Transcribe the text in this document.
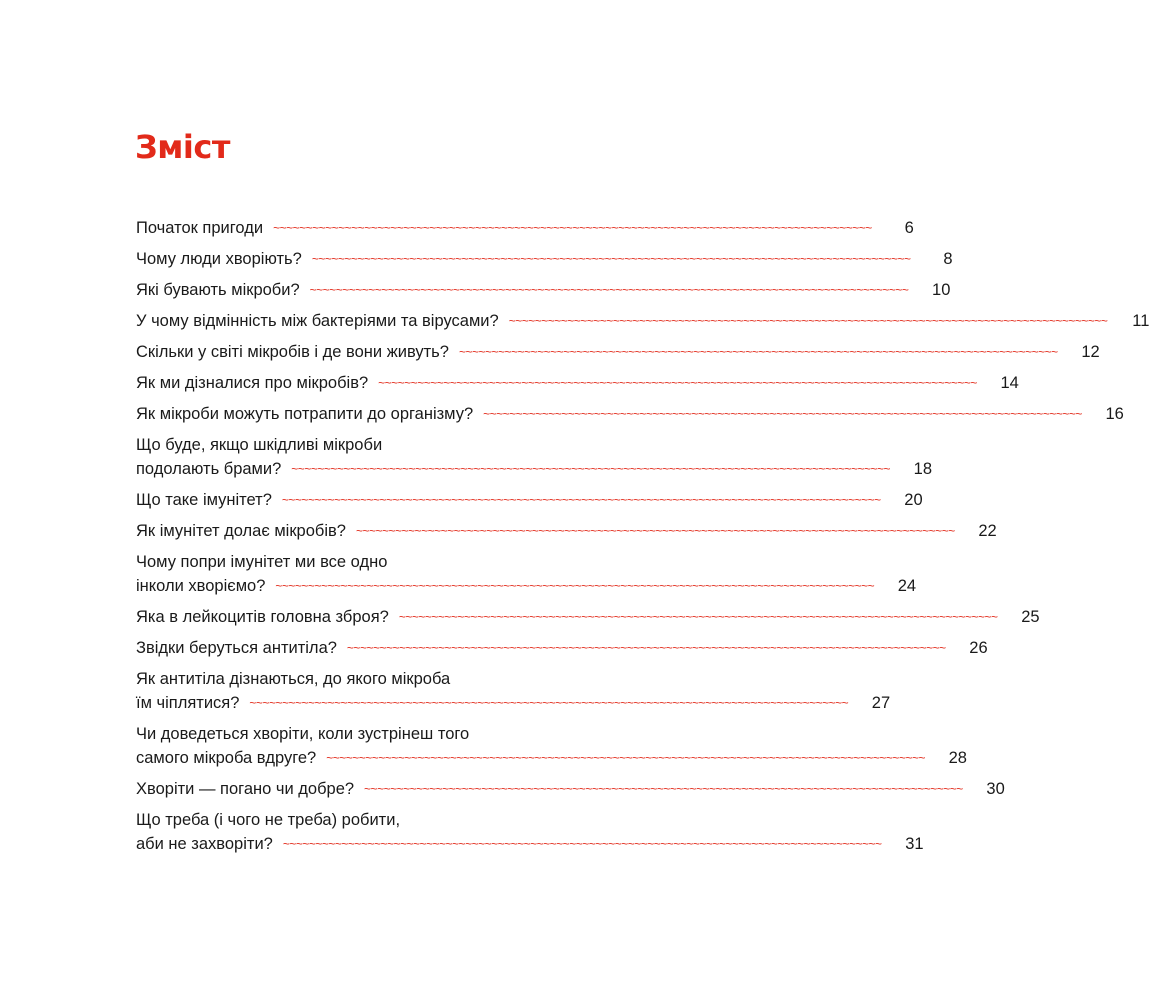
Зміст
Початок пригоди ~~~~~~~~~~~~~~~~~~~~~~~~~~~~~~~~~~~~~~~~~~~~~~~~~~~~~~~~~~~~~~~~~~~~~~~~~~~~~~~~~~~~~~~~~~~~	6
Чому люди хворіють? ~~~~~~~~~~~~~~~~~~~~~~~~~~~~~~~~~~~~~~~~~~~~~~~~~~~~~~~~~~~~~~~~~~~~~~~~~~~~~~~~~~~~~~~~~~~~	8
Які бувають мікроби? ~~~~~~~~~~~~~~~~~~~~~~~~~~~~~~~~~~~~~~~~~~~~~~~~~~~~~~~~~~~~~~~~~~~~~~~~~~~~~~~~~~~~~~~~~~~~ 10
У чому відмінність між бактеріями та вірусами? ~~~~~~~~~~~~~~~~~~~~~~~~~~~~~~~~~~~~~~~~~~~~~~~~~~~~~~~~~~~~~~~~~~~~~~~~~~~~~~~~~~~~~~~~~~~~ 11
Скільки у світі мікробів і де вони живуть? ~~~~~~~~~~~~~~~~~~~~~~~~~~~~~~~~~~~~~~~~~~~~~~~~~~~~~~~~~~~~~~~~~~~~~~~~~~~~~~~~~~~~~~~~~~~~ 12
Як ми дізналися про мікробів? ~~~~~~~~~~~~~~~~~~~~~~~~~~~~~~~~~~~~~~~~~~~~~~~~~~~~~~~~~~~~~~~~~~~~~~~~~~~~~~~~~~~~~~~~~~~~ 14
Як мікроби можуть потрапити до організму? ~~~~~~~~~~~~~~~~~~~~~~~~~~~~~~~~~~~~~~~~~~~~~~~~~~~~~~~~~~~~~~~~~~~~~~~~~~~~~~~~~~~~~~~~~~~~ 16
Що буде, якщо шкідливі мікроби
подолають брами? ~~~~~~~~~~~~~~~~~~~~~~~~~~~~~~~~~~~~~~~~~~~~~~~~~~~~~~~~~~~~~~~~~~~~~~~~~~~~~~~~~~~~~~~~~~~~ 18
Що таке імунітет? ~~~~~~~~~~~~~~~~~~~~~~~~~~~~~~~~~~~~~~~~~~~~~~~~~~~~~~~~~~~~~~~~~~~~~~~~~~~~~~~~~~~~~~~~~~~~ 20
Як імунітет долає мікробів? ~~~~~~~~~~~~~~~~~~~~~~~~~~~~~~~~~~~~~~~~~~~~~~~~~~~~~~~~~~~~~~~~~~~~~~~~~~~~~~~~~~~~~~~~~~~~ 22
Чому попри імунітет ми все одно
інколи хворіємо? ~~~~~~~~~~~~~~~~~~~~~~~~~~~~~~~~~~~~~~~~~~~~~~~~~~~~~~~~~~~~~~~~~~~~~~~~~~~~~~~~~~~~~~~~~~~~ 24
Яка в лейкоцитів головна зброя? ~~~~~~~~~~~~~~~~~~~~~~~~~~~~~~~~~~~~~~~~~~~~~~~~~~~~~~~~~~~~~~~~~~~~~~~~~~~~~~~~~~~~~~~~~~~~ 25
Звідки беруться антитіла? ~~~~~~~~~~~~~~~~~~~~~~~~~~~~~~~~~~~~~~~~~~~~~~~~~~~~~~~~~~~~~~~~~~~~~~~~~~~~~~~~~~~~~~~~~~~~ 26
Як антитіла дізнаються, до якого мікроба
їм чіплятися? ~~~~~~~~~~~~~~~~~~~~~~~~~~~~~~~~~~~~~~~~~~~~~~~~~~~~~~~~~~~~~~~~~~~~~~~~~~~~~~~~~~~~~~~~~~~~ 27
Чи доведеться хворіти, коли зустрінеш того
самого мікроба вдруге? ~~~~~~~~~~~~~~~~~~~~~~~~~~~~~~~~~~~~~~~~~~~~~~~~~~~~~~~~~~~~~~~~~~~~~~~~~~~~~~~~~~~~~~~~~~~~ 28
Хворіти — погано чи добре? ~~~~~~~~~~~~~~~~~~~~~~~~~~~~~~~~~~~~~~~~~~~~~~~~~~~~~~~~~~~~~~~~~~~~~~~~~~~~~~~~~~~~~~~~~~~~ 30
Що треба (і чого не треба) робити,
аби не захворіти? ~~~~~~~~~~~~~~~~~~~~~~~~~~~~~~~~~~~~~~~~~~~~~~~~~~~~~~~~~~~~~~~~~~~~~~~~~~~~~~~~~~~~~~~~~~~~ 31
